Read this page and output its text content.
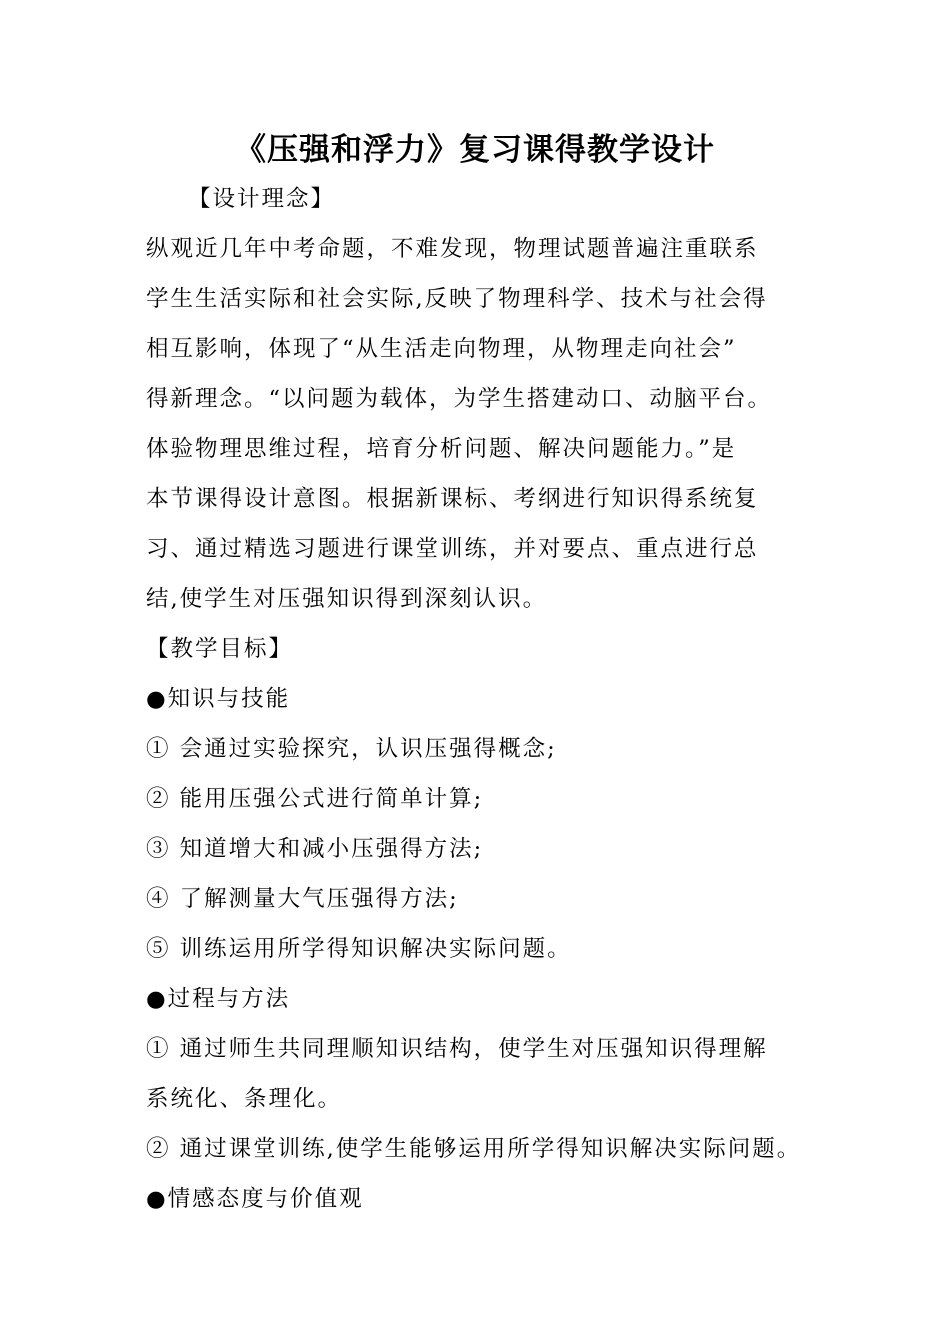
《压强和浮力》复习课得教学设计
【设计理念】
纵观近几年中考命题，不难发现，物理试题普遍注重联系
学生生活实际和社会实际,反映了物理科学、技术与社会得
相互影响，体现了“从生活走向物理，从物理走向社会”
得新理念。“以问题为载体，为学生搭建动口、动脑平台。
体验物理思维过程，培育分析问题、解决问题能力。”是
本节课得设计意图。根据新课标、考纲进行知识得系统复
习、通过精选习题进行课堂训练，并对要点、重点进行总
结,使学生对压强知识得到深刻认识。
【教学目标】
●知识与技能
① 会通过实验探究，认识压强得概念;
② 能用压强公式进行简单计算;
③ 知道增大和减小压强得方法;
④ 了解测量大气压强得方法;
⑤ 训练运用所学得知识解决实际问题。
●过程与方法
① 通过师生共同理顺知识结构，使学生对压强知识得理解
系统化、条理化。
② 通过课堂训练,使学生能够运用所学得知识解决实际问题。
●情感态度与价值观
